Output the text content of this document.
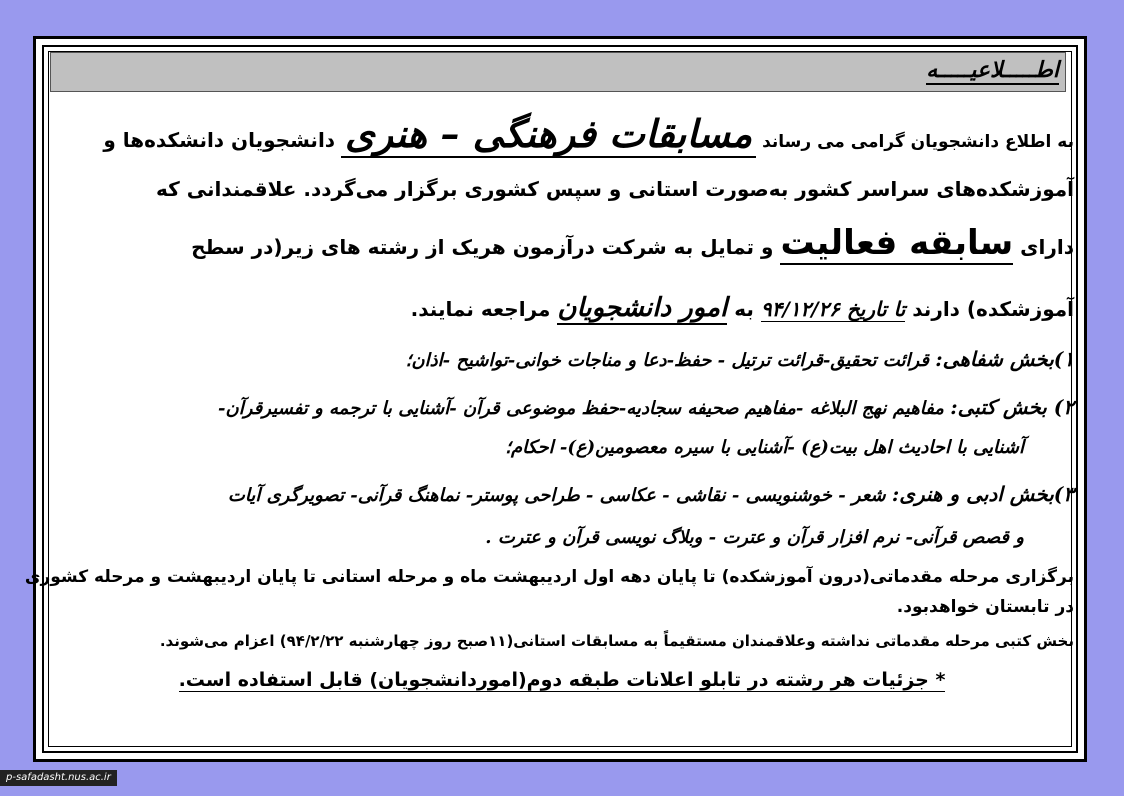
اطـــــلاعیـــــه
به اطلاع دانشجویان گرامی می رساند مسابقات فرهنگی – هنری دانشجویان دانشکده‌ها و
آموزشکده‌های سراسر کشور به‌صورت استانی و سپس کشوری برگزار می‌گردد. علاقمندانی که
دارای سابقه فعالیت و تمایل به شرکت درآزمون هریک از رشته های زیر(در سطح
آموزشکده) دارند تا تاریخ ۹۴/۱۲/۲۶ به امور دانشجویان مراجعه نمایند.
۱)بخش شفاهی: قرائت تحقیق-قرائت ترتیل - حفظ-دعا و مناجات خوانی-تواشیح -اذان؛
۲) بخش کتبی: مفاهیم نهج البلاغه -مفاهیم صحیفه سجادیه-حفظ موضوعی قرآن -آشنایی با ترجمه و تفسیرقرآن-
آشنایی با احادیث اهل بیت(ع) -آشنایی با سیره معصومین(ع)- احکام؛
۳)بخش ادبی و هنری: شعر - خوشنویسی - نقاشی - عکاسی - طراحی پوستر- نماهنگ قرآنی- تصویرگری آیات
و قصص قرآنی- نرم افزار قرآن و عترت - وبلاگ نویسی قرآن و عترت .
برگزاری مرحله مقدماتی(درون آموزشکده) تا پایان دهه اول اردیبهشت ماه و مرحله استانی تا پایان اردیبهشت و مرحله کشوری
در تابستان خواهدبود.
بخش کتبی مرحله مقدماتی نداشته وعلاقمندان مستقیماً به مسابقات استانی(۱۱صبح روز چهارشنبه ۹۴/۲/۲۲) اعزام می‌شوند.
* جزئیات هر رشته در تابلو اعلانات طبقه دوم(اموردانشجویان) قابل استفاده است.
p-safadasht.nus.ac.ir
